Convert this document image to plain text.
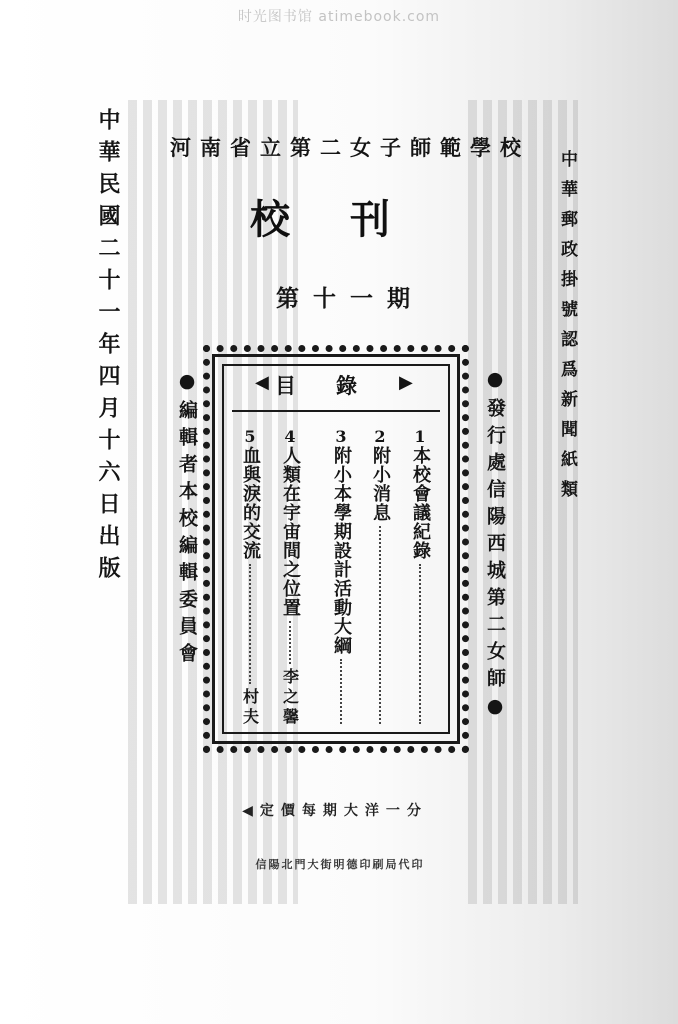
时光图书馆 atimebook.com
中華民國二十一年四月十六日出版	中華郵政掛號認爲新聞紙類
河南省立第二女子師範學校
校刊
第十一期
●編輯者本校編輯委員會	●發行處信陽西城第二女師●
◀ 目錄 ▶
1
本校會議紀錄
2
附小消息
3
附小本學期設計活動大綱
4
人類在宇宙間之位置
李之馨
5
血與淚的交流
村夫
◀定價每期大洋一分
信陽北門大街明德印刷局代印
